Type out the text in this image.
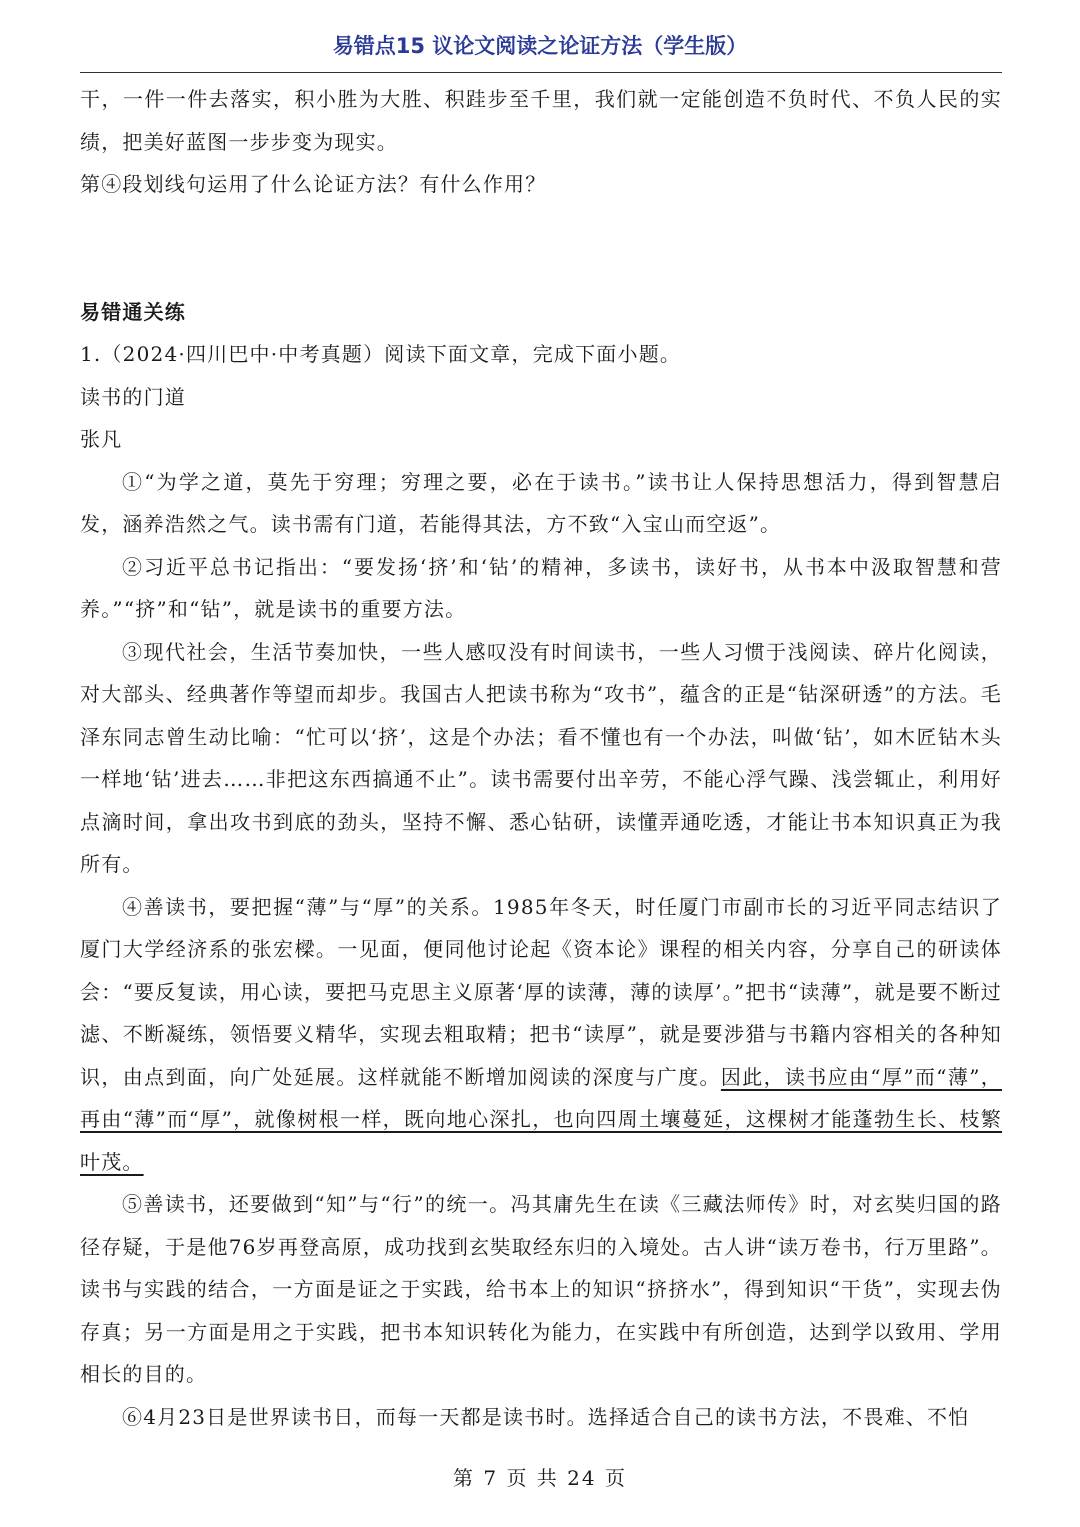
易错点15 议论文阅读之论证方法（学生版）

干，一件一件去落实，积小胜为大胜、积跬步至千里，我们就一定能创造不负时代、不负人民的实绩，把美好蓝图一步步变为现实。

第④段划线句运用了什么论证方法？有什么作用？

易错通关练

1.（2024·四川巴中·中考真题）阅读下面文章，完成下面小题。

读书的门道

张凡

①“为学之道，莫先于穷理；穷理之要，必在于读书。”读书让人保持思想活力，得到智慧启发，涵养浩然之气。读书需有门道，若能得其法，方不致“入宝山而空返”。

②习近平总书记指出：“要发扬‘挤’和‘钻’的精神，多读书，读好书，从书本中汲取智慧和营养。”“挤”和“钻”，就是读书的重要方法。

③现代社会，生活节奏加快，一些人感叹没有时间读书，一些人习惯于浅阅读、碎片化阅读，对大部头、经典著作等望而却步。我国古人把读书称为“攻书”，蕴含的正是“钻深研透”的方法。毛泽东同志曾生动比喻：“忙可以‘挤’，这是个办法；看不懂也有一个办法，叫做‘钻’，如木匠钻木头一样地‘钻’进去……非把这东西搞通不止”。读书需要付出辛劳，不能心浮气躁、浅尝辄止，利用好点滴时间，拿出攻书到底的劲头，坚持不懈、悉心钻研，读懂弄通吃透，才能让书本知识真正为我所有。

④善读书，要把握“薄”与“厚”的关系。1985年冬天，时任厦门市副市长的习近平同志结识了厦门大学经济系的张宏樑。一见面，便同他讨论起《资本论》课程的相关内容，分享自己的研读体会：“要反复读，用心读，要把马克思主义原著‘厚的读薄，薄的读厚’。”把书“读薄”，就是要不断过滤、不断凝练，领悟要义精华，实现去粗取精；把书“读厚”，就是要涉猎与书籍内容相关的各种知识，由点到面，向广处延展。这样就能不断增加阅读的深度与广度。因此，读书应由“厚”而“薄”，再由“薄”而“厚”，就像树根一样，既向地心深扎，也向四周土壤蔓延，这棵树才能蓬勃生长、枝繁叶茂。

⑤善读书，还要做到“知”与“行”的统一。冯其庸先生在读《三藏法师传》时，对玄奘归国的路径存疑，于是他76岁再登高原，成功找到玄奘取经东归的入境处。古人讲“读万卷书，行万里路”。读书与实践的结合，一方面是证之于实践，给书本上的知识“挤挤水”，得到知识“干货”，实现去伪存真；另一方面是用之于实践，把书本知识转化为能力，在实践中有所创造，达到学以致用、学用相长的目的。

⑥4月23日是世界读书日，而每一天都是读书时。选择适合自己的读书方法，不畏难、不怕

第 7 页 共 24 页
